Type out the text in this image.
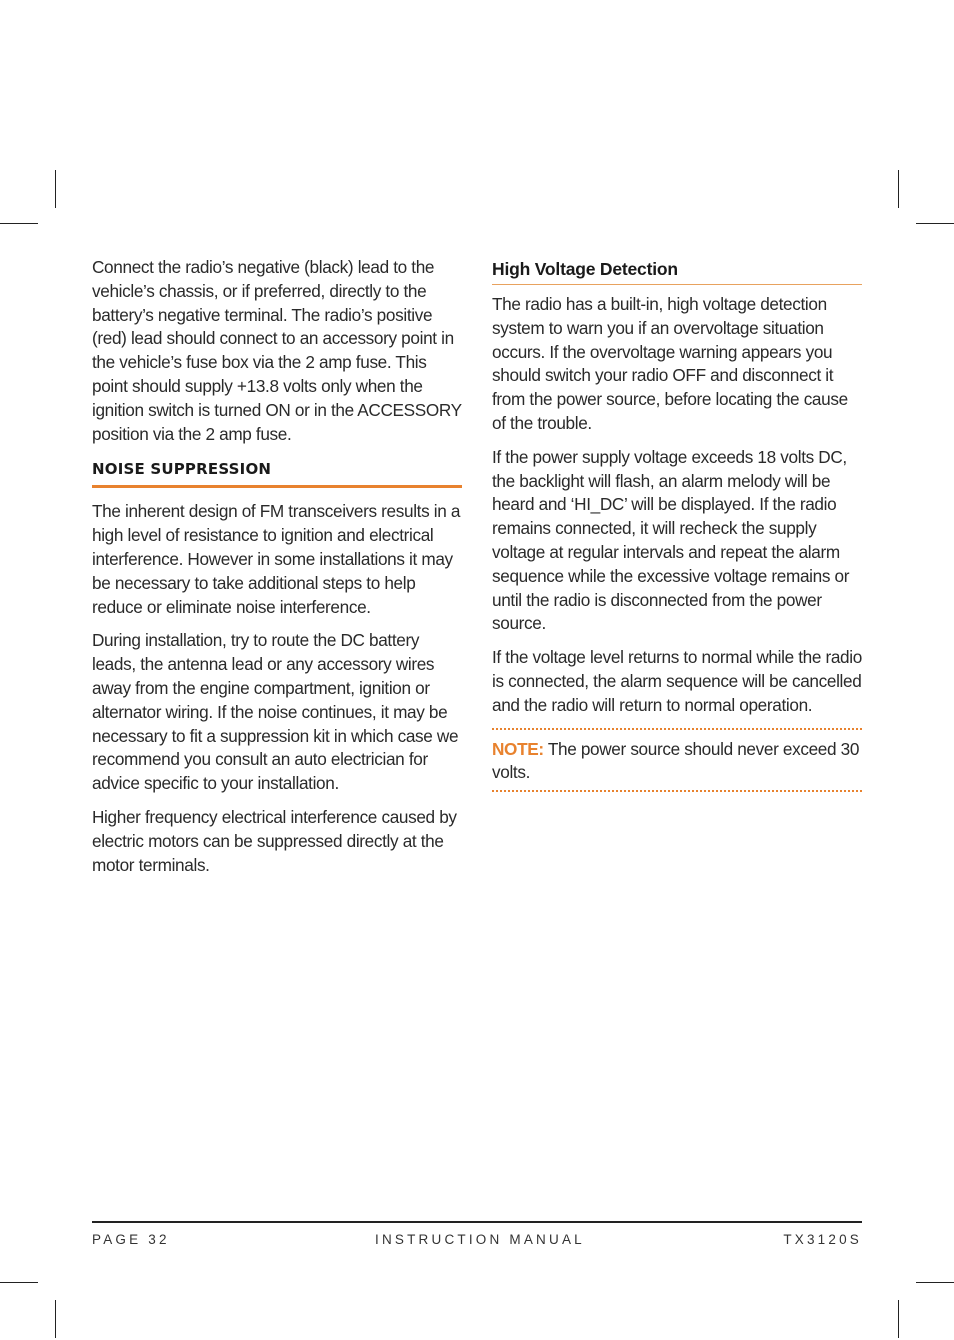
Connect the radio’s negative (black) lead to the vehicle’s chassis, or if preferred, directly to the battery’s negative terminal. The radio’s positive (red) lead should connect to an accessory point in the vehicle’s fuse box via the 2 amp fuse. This point should supply +13.8 volts only when the ignition switch is turned ON or in the ACCESSORY position via the 2 amp fuse.

NOISE SUPPRESSION

The inherent design of FM transceivers results in a high level of resistance to ignition and electrical interference. However in some installations it may be necessary to take additional steps to help reduce or eliminate noise interference.

During installation, try to route the DC battery leads, the antenna lead or any accessory wires away from the engine compartment, ignition or alternator wiring. If the noise continues, it may be necessary to fit a suppression kit in which case we recommend you consult an auto electrician for advice specific to your installation.

Higher frequency electrical interference caused by electric motors can be suppressed directly at the motor terminals.

High Voltage Detection

The radio has a built-in, high voltage detection system to warn you if an overvoltage situation occurs. If the overvoltage warning appears you should switch your radio OFF and disconnect it from the power source, before locating the cause of the trouble.

If the power supply voltage exceeds 18 volts DC, the backlight will flash, an alarm melody will be heard and ‘HI_DC’ will be displayed. If the radio remains connected, it will recheck the supply voltage at regular intervals and repeat the alarm sequence while the excessive voltage remains or until the radio is disconnected from the power source.

If the voltage level returns to normal while the radio is connected, the alarm sequence will be cancelled and the radio will return to normal operation.

NOTE: The power source should never exceed 30 volts.

PAGE 32	INSTRUCTION MANUAL	TX3120S
